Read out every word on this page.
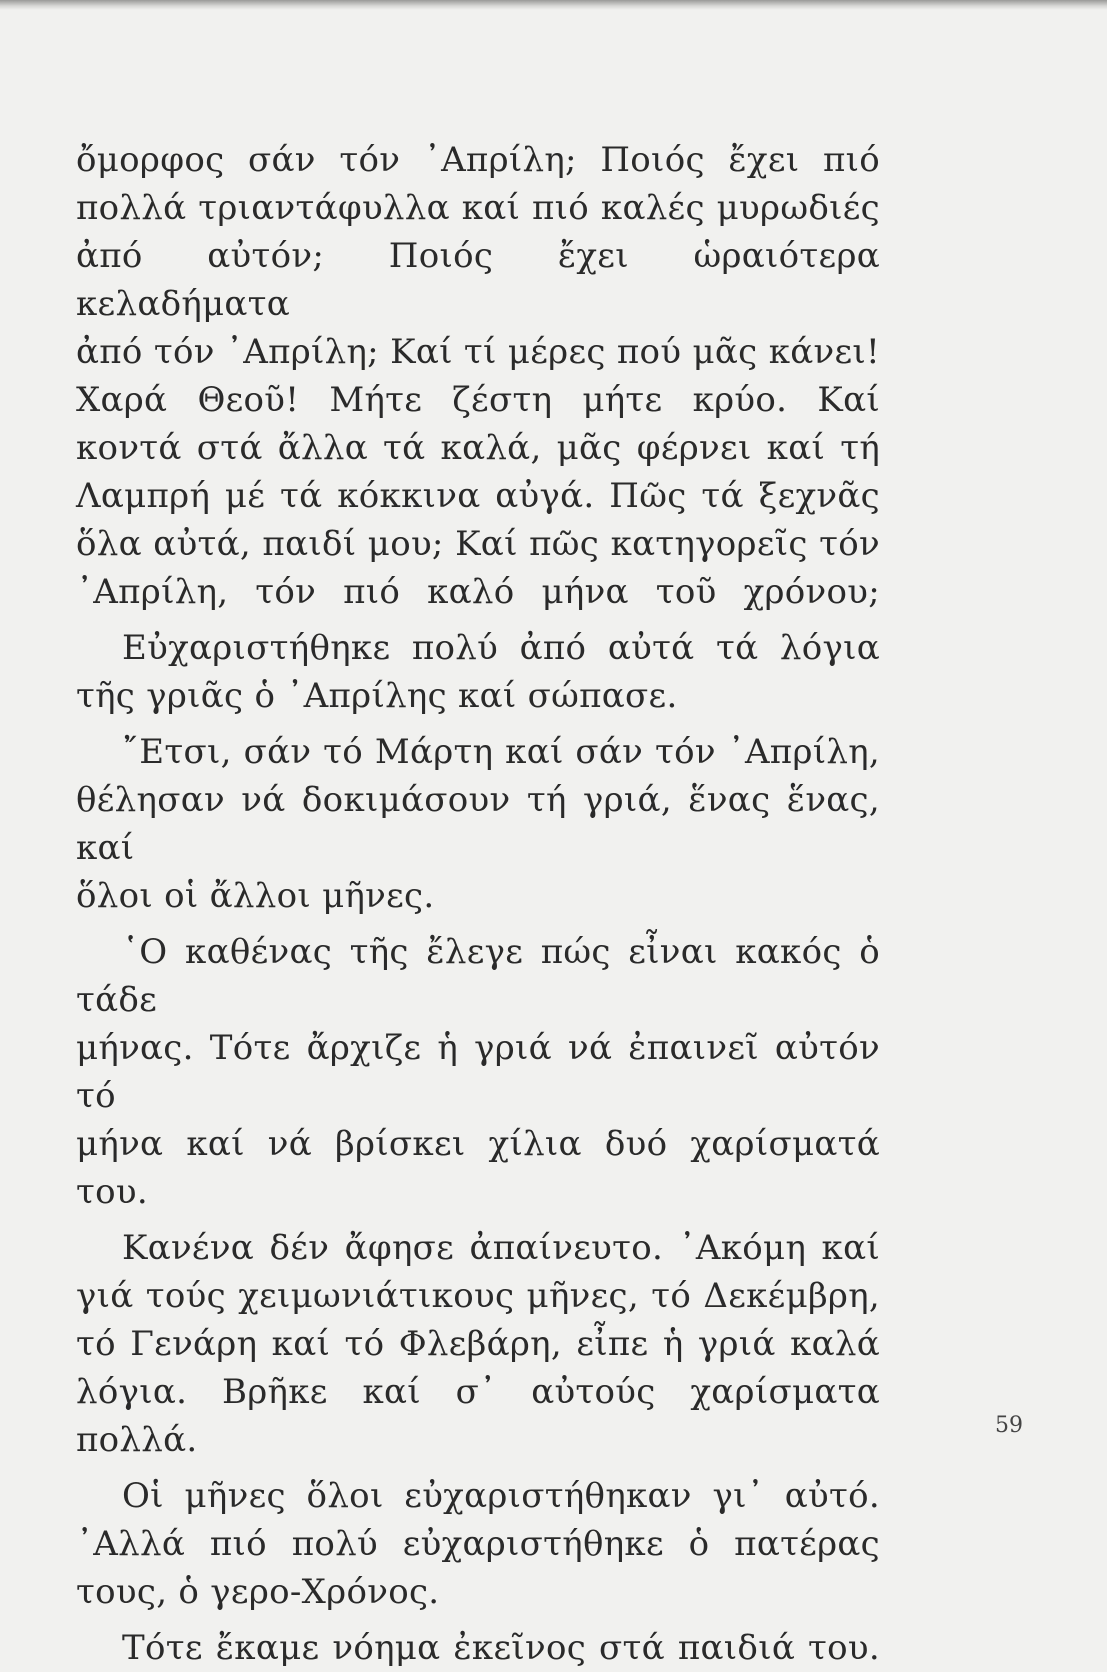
ὄμορφος σάν τόν ᾽Απρίλη; Ποιός ἔχει πιό
πολλά τριαντάφυλλα καί πιό καλές μυρωδιές
ἀπό αὐτόν; Ποιός ἔχει ὡραιότερα κελαδήματα
ἀπό τόν ᾽Απρίλη; Καί τί μέρες πού μᾶς κάνει!
Χαρά Θεοῦ! Μήτε ζέστη μήτε κρύο. Καί
κοντά στά ἄλλα τά καλά, μᾶς φέρνει καί τή
Λαμπρή μέ τά κόκκινα αὐγά. Πῶς τά ξεχνᾶς
ὅλα αὐτά, παιδί μου; Καί πῶς κατηγορεῖς τόν
᾽Απρίλη, τόν πιό καλό μήνα τοῦ χρόνου;

Εὐχαριστήθηκε πολύ ἀπό αὐτά τά λόγια
τῆς γριᾶς ὁ ᾽Απρίλης καί σώπασε.

῎Ετσι, σάν τό Μάρτη καί σάν τόν ᾽Απρίλη,
θέλησαν νά δοκιμάσουν τή γριά, ἕνας ἕνας, καί
ὅλοι οἱ ἄλλοι μῆνες.

῾Ο καθένας τῆς ἔλεγε πώς εἶναι κακός ὁ τάδε
μήνας. Τότε ἄρχιζε ἡ γριά νά ἐπαινεῖ αὐτόν τό
μήνα καί νά βρίσκει χίλια δυό χαρίσματά του.

Κανένα δέν ἄφησε ἀπαίνευτο. ᾽Ακόμη καί
γιά τούς χειμωνιάτικους μῆνες, τό Δεκέμβρη,
τό Γενάρη καί τό Φλεβάρη, εἶπε ἡ γριά καλά
λόγια. Βρῆκε καί σ᾽ αὐτούς χαρίσματα πολλά.

Οἱ μῆνες ὅλοι εὐχαριστήθηκαν γι᾽ αὐτό.
᾽Αλλά πιό πολύ εὐχαριστήθηκε ὁ πατέρας
τους, ὁ γερο-Χρόνος.

Τότε ἔκαμε νόημα ἐκεῖνος στά παιδιά του.

59
